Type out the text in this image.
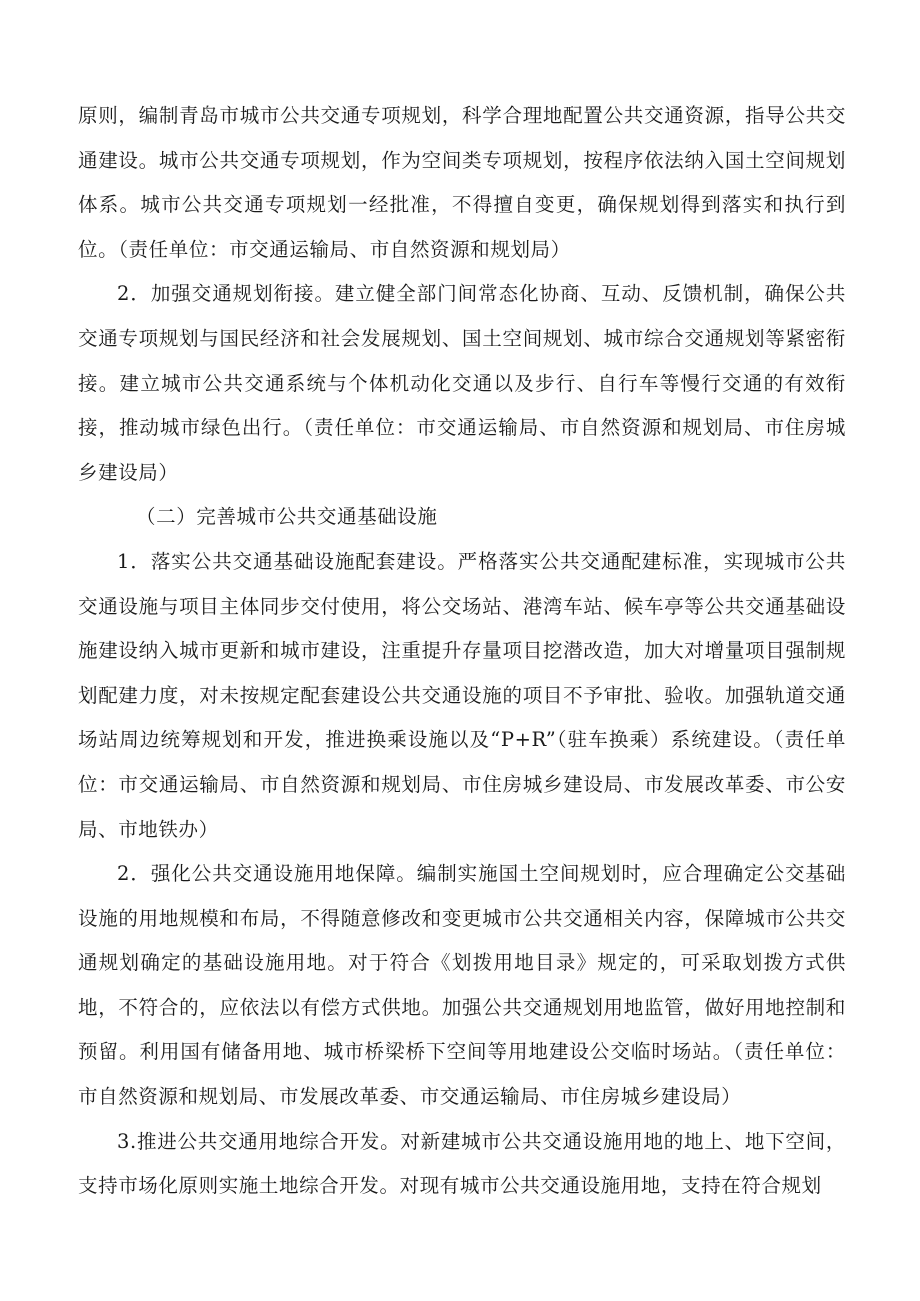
原则，编制青岛市城市公共交通专项规划，科学合理地配置公共交通资源，指导公共交通建设。城市公共交通专项规划，作为空间类专项规划，按程序依法纳入国土空间规划体系。城市公共交通专项规划一经批准，不得擅自变更，确保规划得到落实和执行到位。（责任单位：市交通运输局、市自然资源和规划局）

2．加强交通规划衔接。建立健全部门间常态化协商、互动、反馈机制，确保公共交通专项规划与国民经济和社会发展规划、国土空间规划、城市综合交通规划等紧密衔接。建立城市公共交通系统与个体机动化交通以及步行、自行车等慢行交通的有效衔接，推动城市绿色出行。（责任单位：市交通运输局、市自然资源和规划局、市住房城乡建设局）

（二）完善城市公共交通基础设施

1．落实公共交通基础设施配套建设。严格落实公共交通配建标准，实现城市公共交通设施与项目主体同步交付使用，将公交场站、港湾车站、候车亭等公共交通基础设施建设纳入城市更新和城市建设，注重提升存量项目挖潜改造，加大对增量项目强制规划配建力度，对未按规定配套建设公共交通设施的项目不予审批、验收。加强轨道交通场站周边统筹规划和开发，推进换乘设施以及“P+R”（驻车换乘）系统建设。（责任单位：市交通运输局、市自然资源和规划局、市住房城乡建设局、市发展改革委、市公安局、市地铁办）

2．强化公共交通设施用地保障。编制实施国土空间规划时，应合理确定公交基础设施的用地规模和布局，不得随意修改和变更城市公共交通相关内容，保障城市公共交通规划确定的基础设施用地。对于符合《划拨用地目录》规定的，可采取划拨方式供地，不符合的，应依法以有偿方式供地。加强公共交通规划用地监管，做好用地控制和预留。利用国有储备用地、城市桥梁桥下空间等用地建设公交临时场站。（责任单位：市自然资源和规划局、市发展改革委、市交通运输局、市住房城乡建设局）

3.推进公共交通用地综合开发。对新建城市公共交通设施用地的地上、地下空间，支持市场化原则实施土地综合开发。对现有城市公共交通设施用地，支持在符合规划
